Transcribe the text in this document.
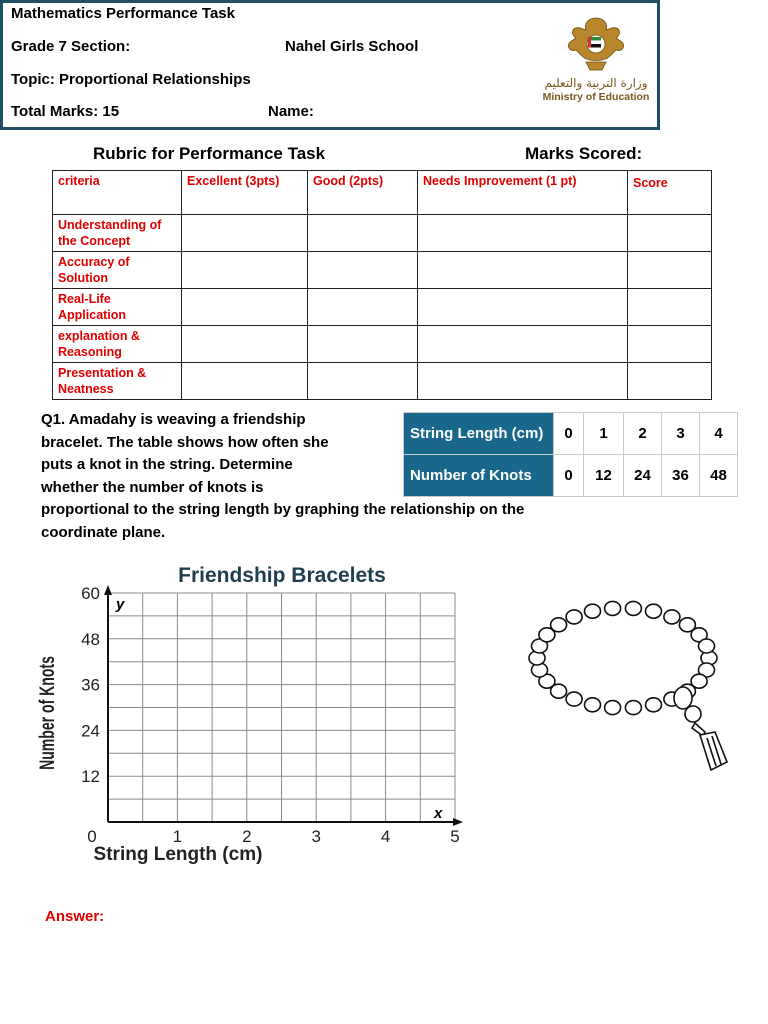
Mathematics Performance Task
Grade 7 Section:	Nahel Girls School
Topic: Proportional Relationships
Total Marks: 15	Name:
وزارة التربية والتعليم
Ministry of Education
Rubric for Performance Task	Marks Scored:
criteria	Excellent (3pts)	Good (2pts)	Needs Improvement (1 pt)	Score
Understanding of the Concept				
Accuracy of Solution				
Real-Life Application				
explanation & Reasoning				
Presentation & Neatness				
Q1. Amadahy is weaving a friendship
bracelet. The table shows how often she
puts a knot in the string. Determine
whether the number of knots is
proportional to the string length by graphing the relationship on the
coordinate plane.
String Length (cm)	0	1	2	3	4
Number of Knots	0	12	24	36	48
Friendship Bracelets
0	1	2	3	4	5
12
24
36
48
60
String Length (cm)
Number of Knots
y
x
Answer:
